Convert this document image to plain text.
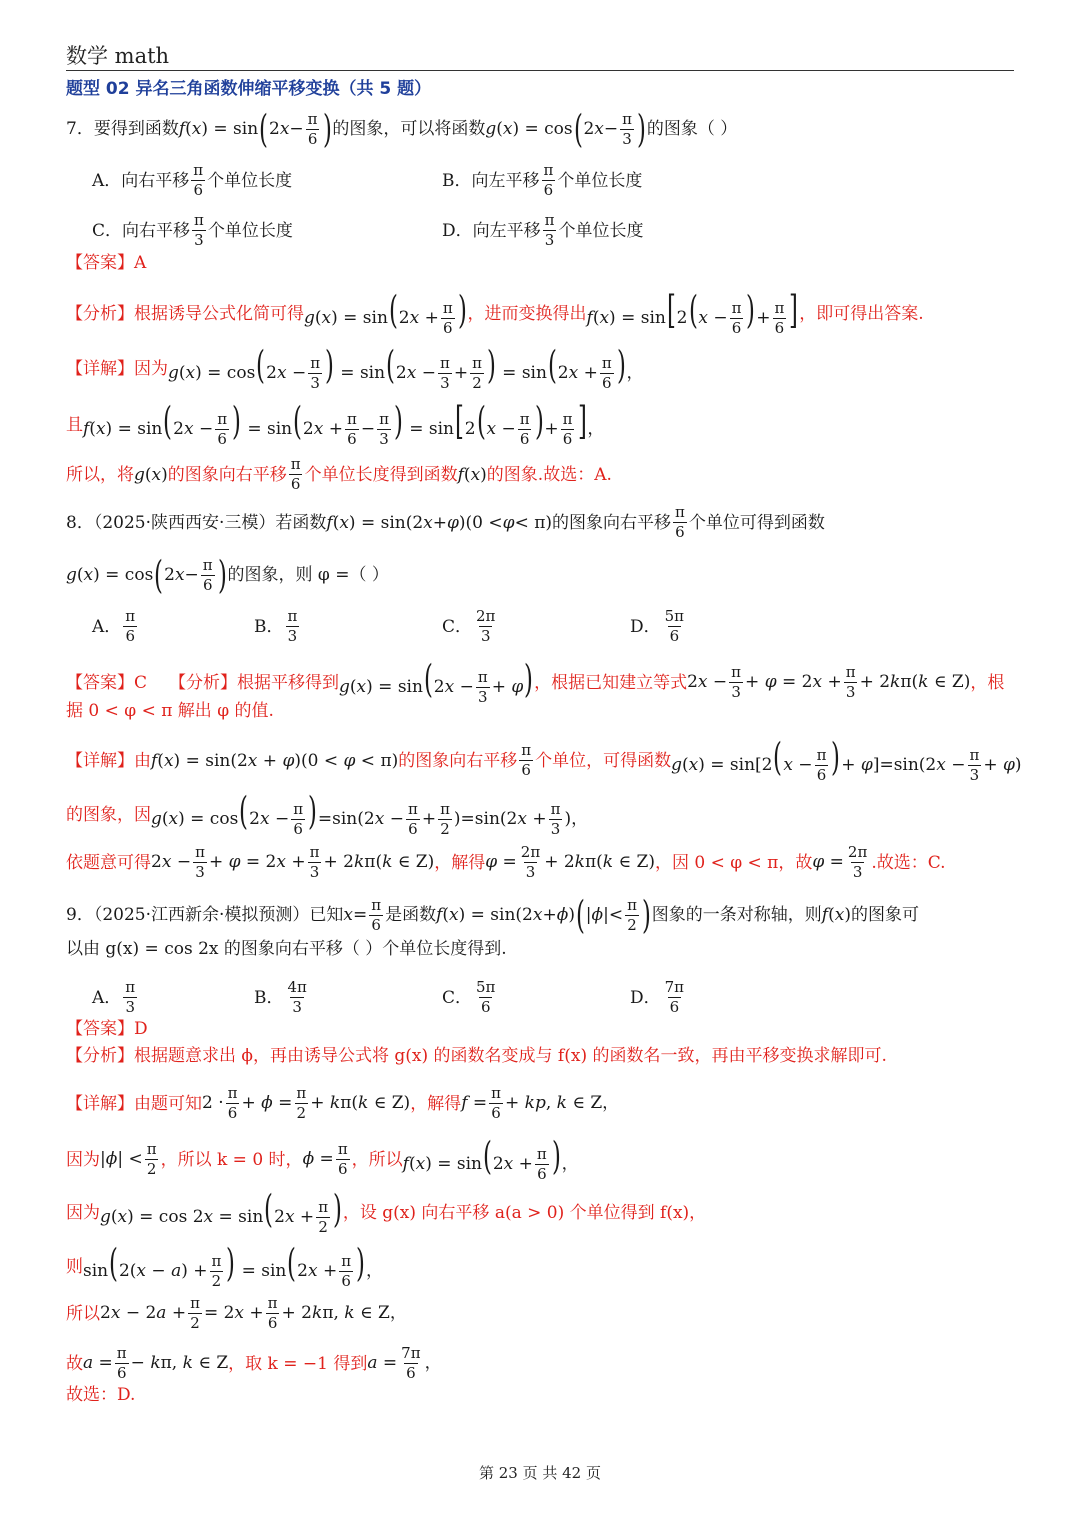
数学 math
题型 02 异名三角函数伸缩平移变换（共 5 题）
7．要得到函数 f ( x ) = sin ( 2 $x - \frac{\pi}{6}$ ) 的图象，可以将函数 g ( x ) = cos ( 2 $x - \frac{\pi}{3}$ ) 的图象（ ）
A．向右平移 $\frac{\pi}{6}$ 个单位长度	B．向左平移 $\frac{\pi}{6}$ 个单位长度
C．向右平移 $\frac{\pi}{3}$ 个单位长度	D．向左平移 $\frac{\pi}{3}$ 个单位长度
【答案】A
【分析】根据诱导公式化简可得 $g(x) = \sin(2x + \frac{\pi}{6}$ ) ，进而变换得出 $f(x) = \sin[2(x - \frac{\pi}{6}$ )+ $\frac{\pi}{6}$ ] ，即可得出答案.
【详解】因为 $g(x) = \cos(2x - \frac{\pi}{3}$ ) = $\sin(2x - \frac{\pi}{3} + \frac{\pi}{2}$ ) = $\sin(2x + \frac{\pi}{6}$ )，
且 $f(x) = \sin(2x - \frac{\pi}{6}$ ) = $\sin(2x + \frac{\pi}{6} - \frac{\pi}{3}$ ) = $\sin[2(x - \frac{\pi}{6}$ )+ $\frac{\pi}{6}$ ]，
所以，将 g(x) 的图象向右平移 $\frac{\pi}{6}$ 个单位长度得到函数 f(x) 的图象.故选：A.
8．（2025·陕西西安·三模）若函数 f ( x ) = sin(2 x + φ )(0 < φ < π) 的图象向右平移 $\frac{\pi}{6}$ 个单位可得到函数
g ( x ) = cos ( 2 $x - \frac{\pi}{6}$ ) 的图象，则 φ =（ ）
A． $\frac{\pi}{6}$	B． $\frac{\pi}{3}$	C． $\frac{2\pi}{3}$	D． $\frac{5\pi}{6}$
【答案】C 【分析】根据平移得到 $g(x) = \sin(2x - \frac{\pi}{3} + \varphi)$ ，根据已知建立等式 $2x - \frac{\pi}{3} + \varphi = 2x + \frac{\pi}{3} + 2k\pi(k$ ∈ Z) ，根
据 0 < φ < π 解出 φ 的值.
【详解】由 f(x) = sin(2x + φ)(0 < φ < π) 的图象向右平移 $\frac{\pi}{6}$ 个单位，可得函数 $g(x) = \sin[2(x - \frac{\pi}{6}$ )+ $\varphi]=\sin(2x - \frac{\pi}{3} + \varphi)$
的图象，因 $g(x) = \cos(2x - \frac{\pi}{6} )=\sin(2x - \frac{\pi}{6} + \frac{\pi}{2} )=\sin(2x + \frac{\pi}{3}$ )，
依题意可得 $2x - \frac{\pi}{3} + \varphi = 2x + \frac{\pi}{3} + 2k\pi(k$ ∈ Z) ，解得 $\varphi = \frac{2\pi}{3} + 2k\pi(k$ ∈ Z) ，因 0 < φ < π，故 $\varphi = \frac{2\pi}{3}$ .故选：C.
9．（2025·江西新余·模拟预测）已知 $x = \frac{\pi}{6}$ 是函数 f ( x ) = sin(2 x + ϕ ) ( | ϕ |< $\frac{\pi}{2}$ ) 图象的一条对称轴，则 f ( x ) 的图象可
以由 g(x) = cos 2x 的图象向右平移（ ）个单位长度得到.
A． $\frac{\pi}{3}$	B． $\frac{4\pi}{3}$	C． $\frac{5\pi}{6}$	D． $\frac{7\pi}{6}$
【答案】D
【分析】根据题意求出 ϕ，再由诱导公式将 g(x) 的函数名变成与 f(x) 的函数名一致，再由平移变换求解即可.
【详解】由题可知 $2 \cdot \frac{\pi}{6} + \phi = \frac{\pi}{2} + k\pi(k$ ∈ Z) ，解得 $f = \frac{\pi}{6}$ + kp, k ∈ Z，
因为 $|\phi| < \frac{\pi}{2}$ ，所以 k = 0 时， $\phi = \frac{\pi}{6}$ ，所以 $f(x) = \sin(2x + \frac{\pi}{6}$ )，
因为 $g(x) = \cos 2x = \sin(2x + \frac{\pi}{2}$ ) ，设 g(x) 向右平移 a(a > 0) 个单位得到 f(x)，
则 $\sin(2(x - a) + \frac{\pi}{2}$ ) = $\sin(2x + \frac{\pi}{6}$ )，
所以 $2x - 2a + \frac{\pi}{2} = 2x + \frac{\pi}{6} + 2k\pi$, k ∈ Z，
故 $a = \frac{\pi}{6} - k\pi$, k ∈ Z ，取 k = −1 得到 $a = \frac{7\pi}{6}$ ，
故选：D.
第 23 页 共 42 页
